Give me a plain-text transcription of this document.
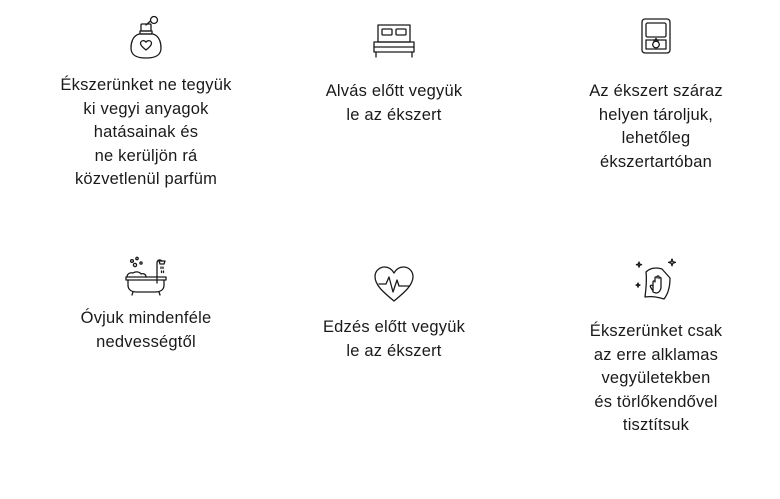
Ékszerünket ne tegyük
ki vegyi anyagok
hatásainak és
ne kerüljön rá
közvetlenül parfüm

Alvás előtt vegyük
le az ékszert

Az ékszert száraz
helyen tároljuk,
lehetőleg
ékszertartóban

Óvjuk mindenféle
nedvességtől

Edzés előtt vegyük
le az ékszert

Ékszerünket csak
az erre alklamas
vegyületekben
és törlőkendővel
tisztítsuk
